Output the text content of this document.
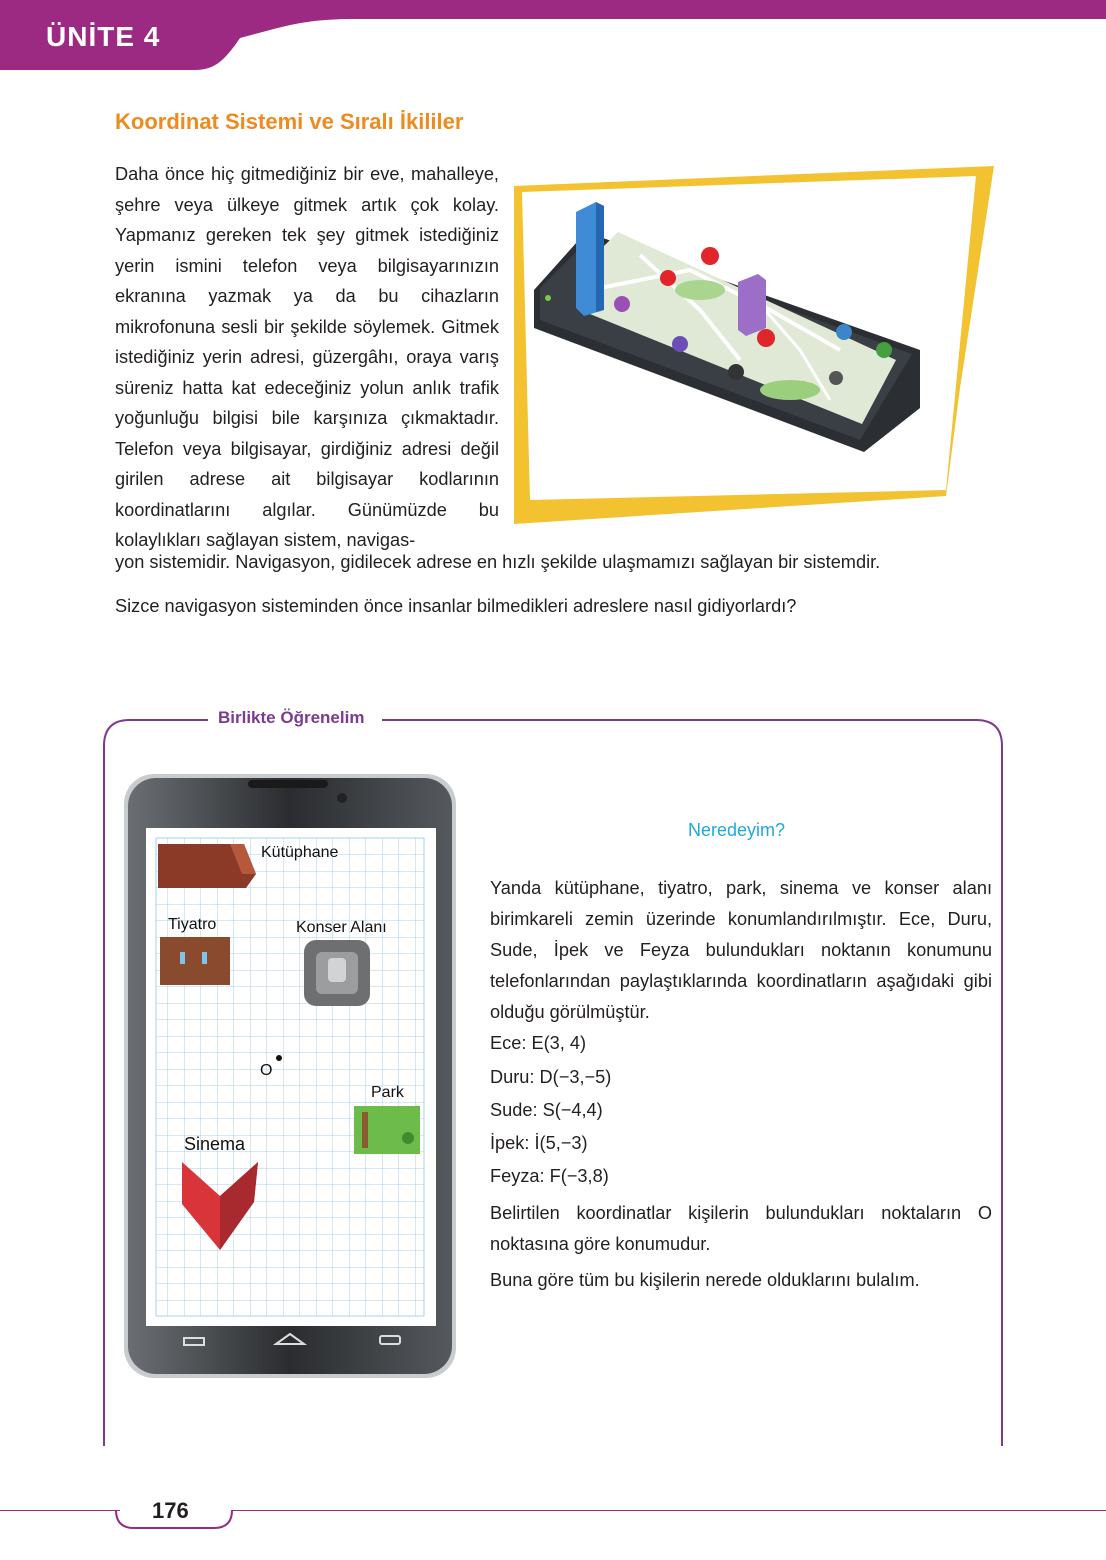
ÜNİTE 4
Koordinat Sistemi ve Sıralı İkililer
Daha önce hiç gitmediğiniz bir eve, mahalleye, şehre veya ülkeye gitmek artık çok kolay. Yapmanız gereken tek şey gitmek istediğiniz yerin ismini telefon veya bilgisayarınızın ekranına yazmak ya da bu cihazların mikrofonuna sesli bir şekilde söylemek. Gitmek istediğiniz yerin adresi, güzergâhı, oraya varış süreniz hatta kat edeceğiniz yolun anlık trafik yoğunluğu bilgisi bile karşınıza çıkmaktadır. Telefon veya bilgisayar, girdiğiniz adresi değil girilen adrese ait bilgisayar kodlarının koordinatlarını algılar. Günümüzde bu kolaylıkları sağlayan sistem, navigas-
yon sistemidir. Navigasyon, gidilecek adrese en hızlı şekilde ulaşmamızı sağlayan bir sistemdir.
Sizce navigasyon sisteminden önce insanlar bilmedikleri adreslere nasıl gidiyorlardı?
Birlikte Öğrenelim
Kütüphane
Tiyatro	Konser Alanı
O
Park
Sinema
Neredeyim?
Yanda kütüphane, tiyatro, park, sinema ve konser alanı birimkareli zemin üzerinde konumlandırılmıştır. Ece, Duru, Sude, İpek ve Feyza bulundukları noktanın konumunu telefonlarından paylaştıklarında koordinatların aşağıdaki gibi olduğu görülmüştür.
Ece: E(3, 4)
Duru: D(−3,−5)
Sude: S(−4,4)
İpek: İ(5,−3)
Feyza: F(−3,8)
Belirtilen koordinatlar kişilerin bulundukları noktaların O noktasına göre konumudur.
Buna göre tüm bu kişilerin nerede olduklarını bulalım.
176
